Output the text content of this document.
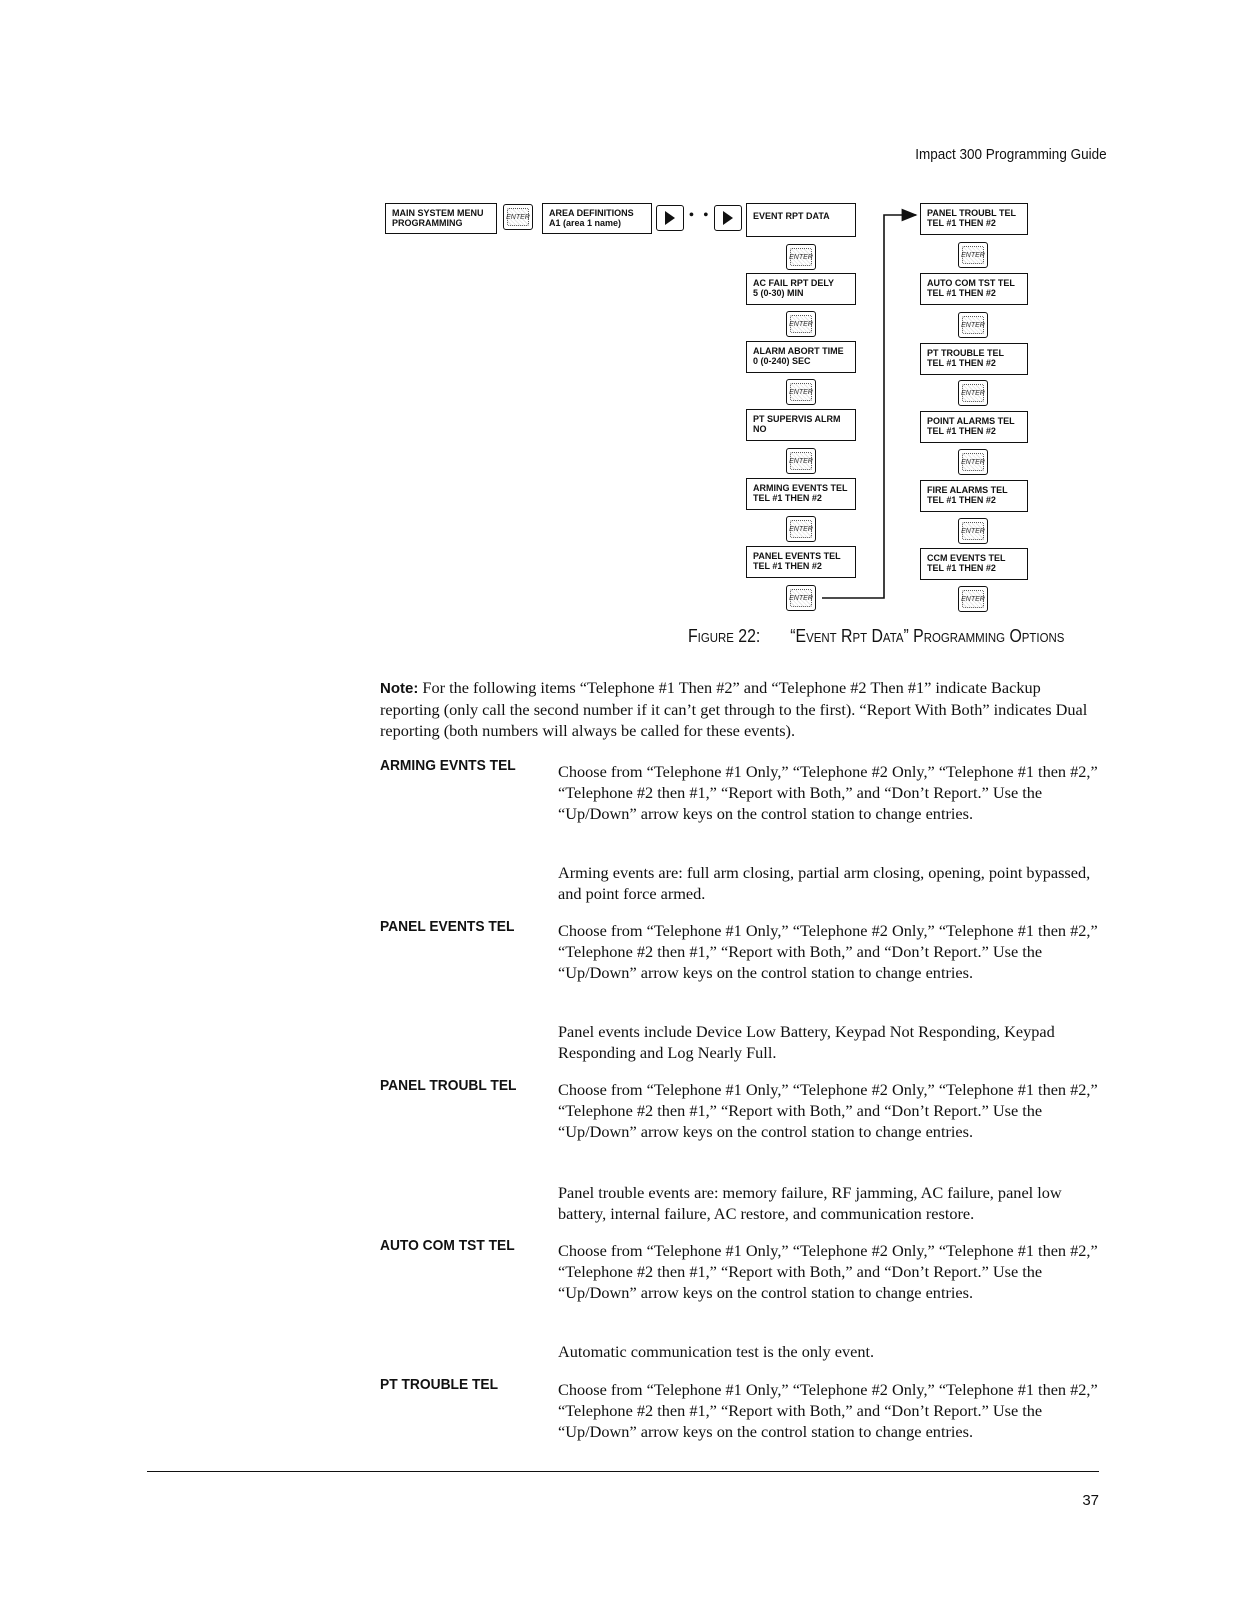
Impact 300 Programming Guide
MAIN SYSTEM MENU
PROGRAMMING
ENTER AREA DEFINITIONS
A1 (area 1 name)	• •	EVENT RPT DATA
ENTER
AC FAIL RPT DELY
5 (0-30) MIN
ENTER
ALARM ABORT TIME
0 (0-240) SEC
ENTER
PT SUPERVIS ALRM
NO
ENTER
ARMING EVENTS TEL
TEL #1 THEN #2
ENTER
PANEL EVENTS TEL
TEL #1 THEN #2
ENTER
PANEL TROUBL TEL
TEL #1 THEN #2
ENTER
AUTO COM TST TEL
TEL #1 THEN #2
ENTER
PT TROUBLE TEL
TEL #1 THEN #2
ENTER
POINT ALARMS TEL
TEL #1 THEN #2
ENTER
FIRE ALARMS TEL
TEL #1 THEN #2
ENTER
CCM EVENTS TEL
TEL #1 THEN #2
ENTER
Figure 22: “Event Rpt Data” Programming Options
Note: For the following items “Telephone #1 Then #2” and “Telephone #2 Then #1” indicate Backup reporting (only call the second number if it can’t get through to the first). “Report With Both” indicates Dual reporting (both numbers will always be called for these events).
ARMING EVNTS TEL	Choose from “Telephone #1 Only,” “Telephone #2 Only,” “Telephone #1 then #2,” “Telephone #2 then #1,” “Report with Both,” and “Don’t Report.” Use the “Up/Down” arrow keys on the control station to change entries.
Arming events are: full arm closing, partial arm closing, opening, point bypassed, and point force armed.
PANEL EVENTS TEL	Choose from “Telephone #1 Only,” “Telephone #2 Only,” “Telephone #1 then #2,” “Telephone #2 then #1,” “Report with Both,” and “Don’t Report.” Use the “Up/Down” arrow keys on the control station to change entries.
Panel events include Device Low Battery, Keypad Not Responding, Keypad Responding and Log Nearly Full.
PANEL TROUBL TEL	Choose from “Telephone #1 Only,” “Telephone #2 Only,” “Telephone #1 then #2,” “Telephone #2 then #1,” “Report with Both,” and “Don’t Report.” Use the “Up/Down” arrow keys on the control station to change entries.
Panel trouble events are: memory failure, RF jamming, AC failure, panel low battery, internal failure, AC restore, and communication restore.
AUTO COM TST TEL	Choose from “Telephone #1 Only,” “Telephone #2 Only,” “Telephone #1 then #2,” “Telephone #2 then #1,” “Report with Both,” and “Don’t Report.” Use the “Up/Down” arrow keys on the control station to change entries.
Automatic communication test is the only event.
PT TROUBLE TEL	Choose from “Telephone #1 Only,” “Telephone #2 Only,” “Telephone #1 then #2,” “Telephone #2 then #1,” “Report with Both,” and “Don’t Report.” Use the “Up/Down” arrow keys on the control station to change entries.
37
